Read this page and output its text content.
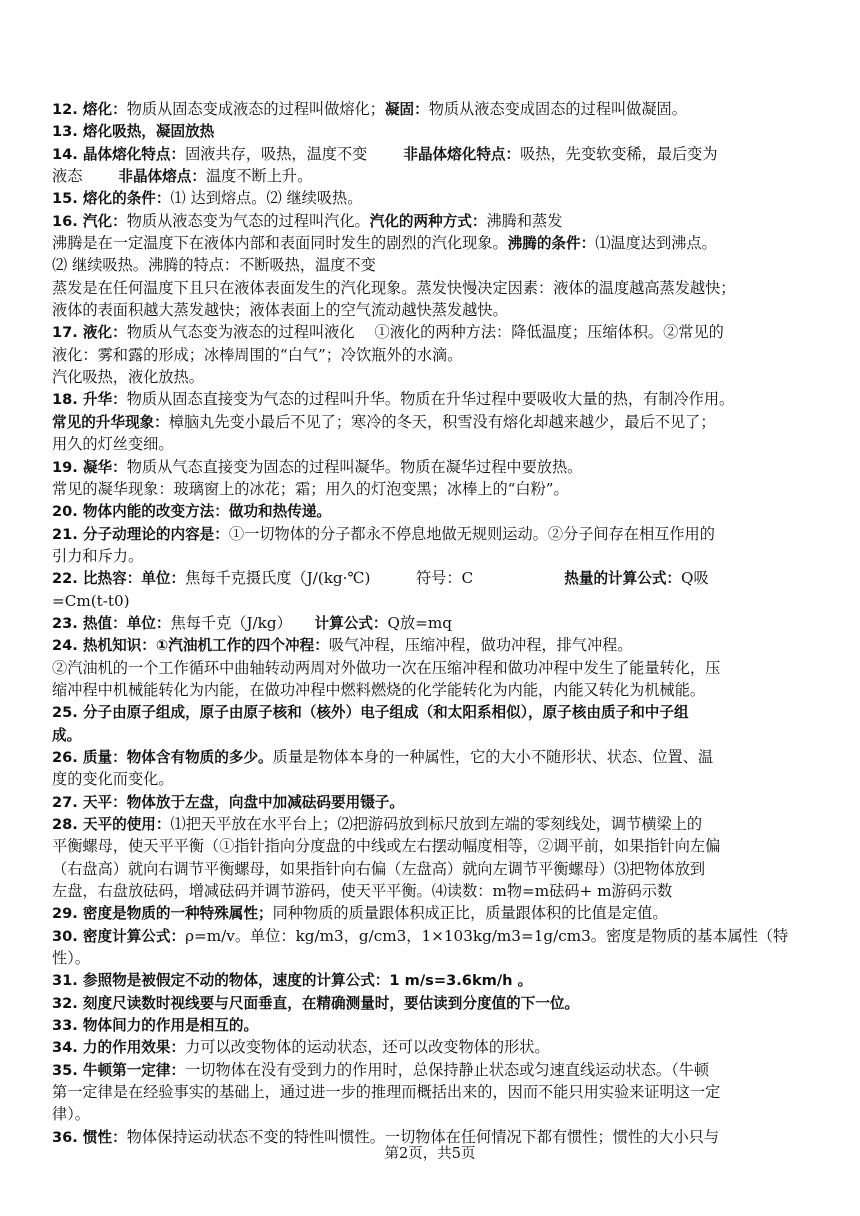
12. 熔化：物质从固态变成液态的过程叫做熔化；凝固：物质从液态变成固态的过程叫做凝固。
13. 熔化吸热，凝固放热
14. 晶体熔化特点：固液共存，吸热，温度不变 非晶体熔化特点：吸热，先变软变稀，最后变为
液态 非晶体熔点：温度不断上升。
15. 熔化的条件：⑴ 达到熔点。⑵ 继续吸热。
16. 汽化：物质从液态变为气态的过程叫汽化。汽化的两种方式：沸腾和蒸发
沸腾是在一定温度下在液体内部和表面同时发生的剧烈的汽化现象。沸腾的条件：⑴温度达到沸点。
⑵ 继续吸热。沸腾的特点：不断吸热，温度不变
蒸发是在任何温度下且只在液体表面发生的汽化现象。蒸发快慢决定因素：液体的温度越高蒸发越快；
液体的表面积越大蒸发越快；液体表面上的空气流动越快蒸发越快。
17. 液化：物质从气态变为液态的过程叫液化　 ①液化的两种方法：降低温度；压缩体积。②常见的
液化：雾和露的形成；冰棒周围的“白气”；冷饮瓶外的水滴。
汽化吸热，液化放热。
18. 升华：物质从固态直接变为气态的过程叫升华。物质在升华过程中要吸收大量的热，有制冷作用。
常见的升华现象：樟脑丸先变小最后不见了；寒冷的冬天，积雪没有熔化却越来越少，最后不见了；
用久的灯丝变细。
19. 凝华：物质从气态直接变为固态的过程叫凝华。物质在凝华过程中要放热。
常见的凝华现象：玻璃窗上的冰花；霜；用久的灯泡变黑；冰棒上的“白粉”。
20. 物体内能的改变方法：做功和热传递。
21. 分子动理论的内容是：①一切物体的分子都永不停息地做无规则运动。②分子间存在相互作用的
引力和斥力。
22. 比热容：单位：焦每千克摄氏度（J/(kg·℃)　　　符号：C　　　　　　热量的计算公式：Q吸
=Cm(t-t0)
23. 热值：单位：焦每千克（J/kg）　　计算公式：Q放=mq
24. 热机知识：①汽油机工作的四个冲程：吸气冲程，压缩冲程，做功冲程，排气冲程。
②汽油机的一个工作循环中曲轴转动两周对外做功一次在压缩冲程和做功冲程中发生了能量转化，压
缩冲程中机械能转化为内能，在做功冲程中燃料燃烧的化学能转化为内能，内能又转化为机械能。
25. 分子由原子组成，原子由原子核和（核外）电子组成（和太阳系相似），原子核由质子和中子组
成。
26. 质量：物体含有物质的多少。质量是物体本身的一种属性，它的大小不随形状、状态、位置、温
度的变化而变化。
27. 天平：物体放于左盘，向盘中加减砝码要用镊子。
28. 天平的使用：⑴把天平放在水平台上；⑵把游码放到标尺放到左端的零刻线处，调节横梁上的
平衡螺母，使天平平衡（①指针指向分度盘的中线或左右摆动幅度相等，②调平前，如果指针向左偏
（右盘高）就向右调节平衡螺母，如果指针向右偏（左盘高）就向左调节平衡螺母）⑶把物体放到
左盘，右盘放砝码，增减砝码并调节游码，使天平平衡。⑷读数：m物=m砝码+ m游码示数
29. 密度是物质的一种特殊属性；同种物质的质量跟体积成正比，质量跟体积的比值是定值。
30. 密度计算公式：ρ=m/v。单位：kg/m3，g/cm3，1×103kg/m3=1g/cm3。密度是物质的基本属性（特
性）。
31. 参照物是被假定不动的物体，速度的计算公式：1 m/s=3.6km/h 。
32. 刻度尺读数时视线要与尺面垂直，在精确测量时，要估读到分度值的下一位。
33. 物体间力的作用是相互的。
34. 力的作用效果：力可以改变物体的运动状态，还可以改变物体的形状。
35. 牛顿第一定律：一切物体在没有受到力的作用时，总保持静止状态或匀速直线运动状态。（牛顿
第一定律是在经验事实的基础上，通过进一步的推理而概括出来的，因而不能只用实验来证明这一定
律）。
36. 惯性：物体保持运动状态不变的特性叫惯性。一切物体在任何情况下都有惯性；惯性的大小只与
第2页，共5页
